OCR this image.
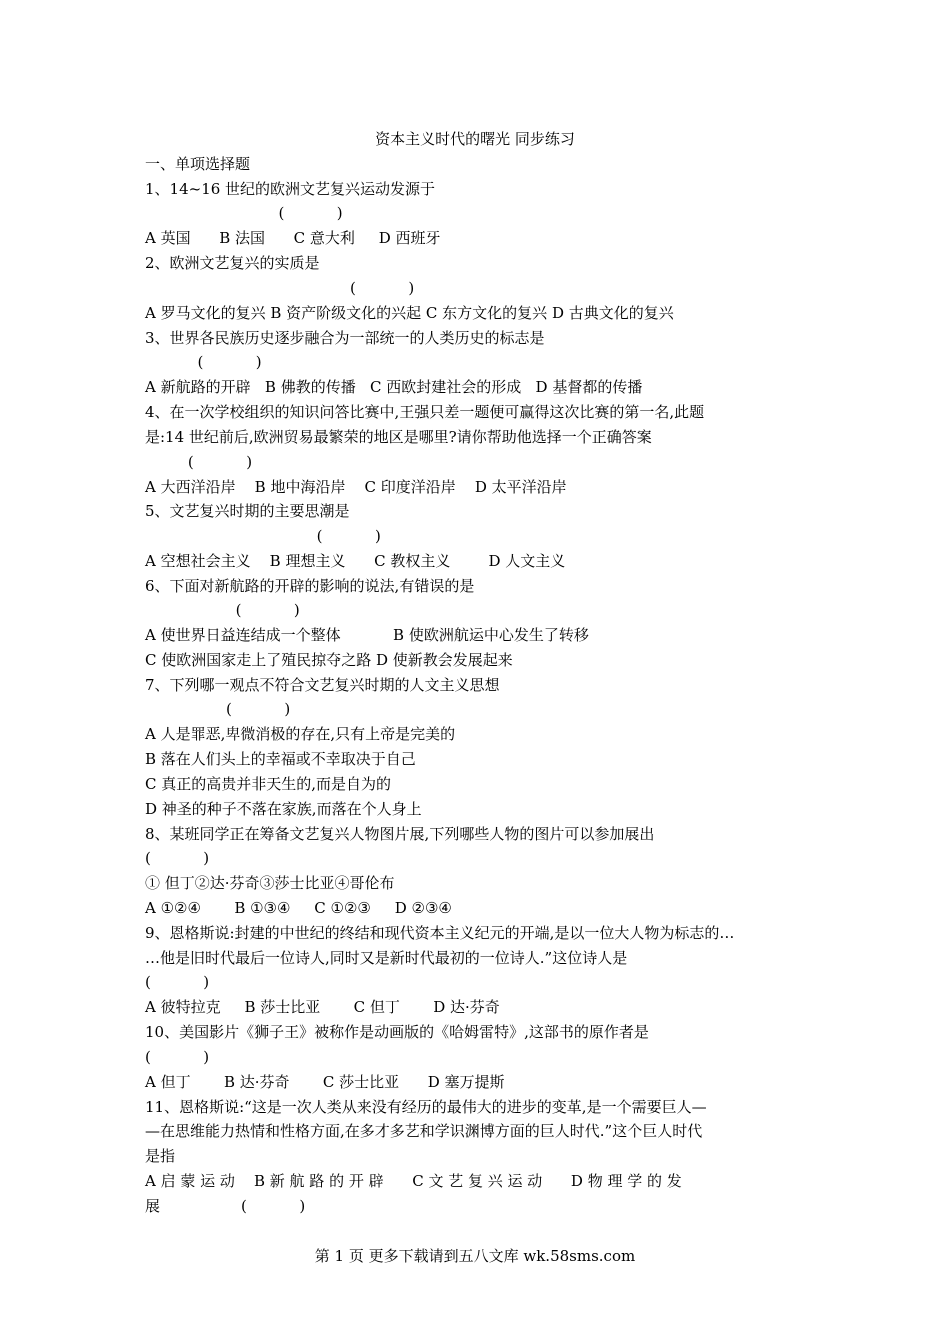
资本主义时代的曙光 同步练习
一、单项选择题
1、14~16 世纪的欧洲文艺复兴运动发源于
(           )
A 英国      B 法国      C 意大利     D 西班牙
2、欧洲文艺复兴的实质是
(           )
A 罗马文化的复兴 B 资产阶级文化的兴起 C 东方文化的复兴 D 古典文化的复兴
3、世界各民族历史逐步融合为一部统一的人类历史的标志是
(           )
A 新航路的开辟   B 佛教的传播   C 西欧封建社会的形成   D 基督都的传播
4、在一次学校组织的知识问答比赛中,王强只差一题便可赢得这次比赛的第一名,此题
是:14 世纪前后,欧洲贸易最繁荣的地区是哪里?请你帮助他选择一个正确答案
(           )
A 大西洋沿岸    B 地中海沿岸    C 印度洋沿岸    D 太平洋沿岸
5、文艺复兴时期的主要思潮是
(           )
A 空想社会主义    B 理想主义      C 教权主义        D 人文主义
6、下面对新航路的开辟的影响的说法,有错误的是
(           )
A 使世界日益连结成一个整体           B 使欧洲航运中心发生了转移
C 使欧洲国家走上了殖民掠夺之路 D 使新教会发展起来
7、下列哪一观点不符合文艺复兴时期的人文主义思想
(           )
A 人是罪恶,卑微消极的存在,只有上帝是完美的
B 落在人们头上的幸福或不幸取决于自己
C 真正的高贵并非天生的,而是自为的
D 神圣的种子不落在家族,而落在个人身上
8、某班同学正在筹备文艺复兴人物图片展,下列哪些人物的图片可以参加展出
(           )
① 但丁②达·芬奇③莎士比亚④哥伦布
A ①②④       B ①③④     C ①②③     D ②③④
9、恩格斯说:封建的中世纪的终结和现代资本主义纪元的开端,是以一位大人物为标志的…
…他是旧时代最后一位诗人,同时又是新时代最初的一位诗人.”这位诗人是
(           )
A 彼特拉克     B 莎士比亚       C 但丁       D 达·芬奇
10、美国影片《狮子王》被称作是动画版的《哈姆雷特》,这部书的原作者是
(           )
A 但丁       B 达·芬奇       C 莎士比亚      D 塞万提斯
11、恩格斯说:“这是一次人类从来没有经历的最伟大的进步的变革,是一个需要巨人—
—在思维能力热情和性格方面,在多才多艺和学识渊博方面的巨人时代.”这个巨人时代
是指
A 启 蒙 运 动    B 新 航 路 的 开 辟      C 文 艺 复 兴 运 动      D 物 理 学 的 发
展                 (           )
第 1 页 更多下载请到五八文库 wk.58sms.com
